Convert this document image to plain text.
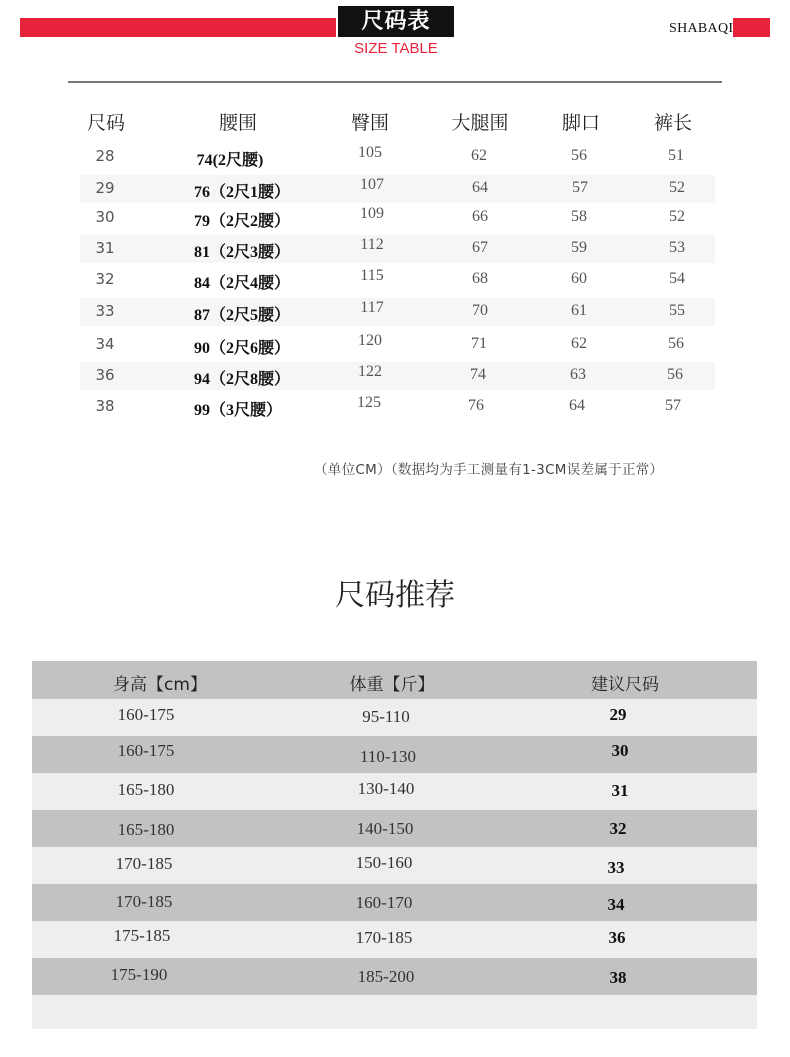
尺码表	SHABAQI
SIZE TABLE
尺码	腰围	臀围	大腿围	脚口	裤长
28	74(2尺腰)	105	62	56	51
29	76（2尺1腰）	107	64	57	52
30	79（2尺2腰）	109	66	58	52
31	81（2尺3腰）	112	67	59	53
32	84（2尺4腰）	115	68	60	54
33	87（2尺5腰）	117	70	61	55
34	90（2尺6腰）	120	71	62	56
36	94（2尺8腰）	122	74	63	56
38	99（3尺腰）	125	76	64	57
（单位CM）（数据均为手工测量有1-3CM误差属于正常）
尺码推荐
身高【cm】	体重【斤】	建议尺码
160-175	95-110	29
160-175	110-130	30
165-180	130-140	31
165-180	140-150	32
170-185	150-160	33
170-185	160-170	34
175-185	170-185	36
175-190	185-200	38
